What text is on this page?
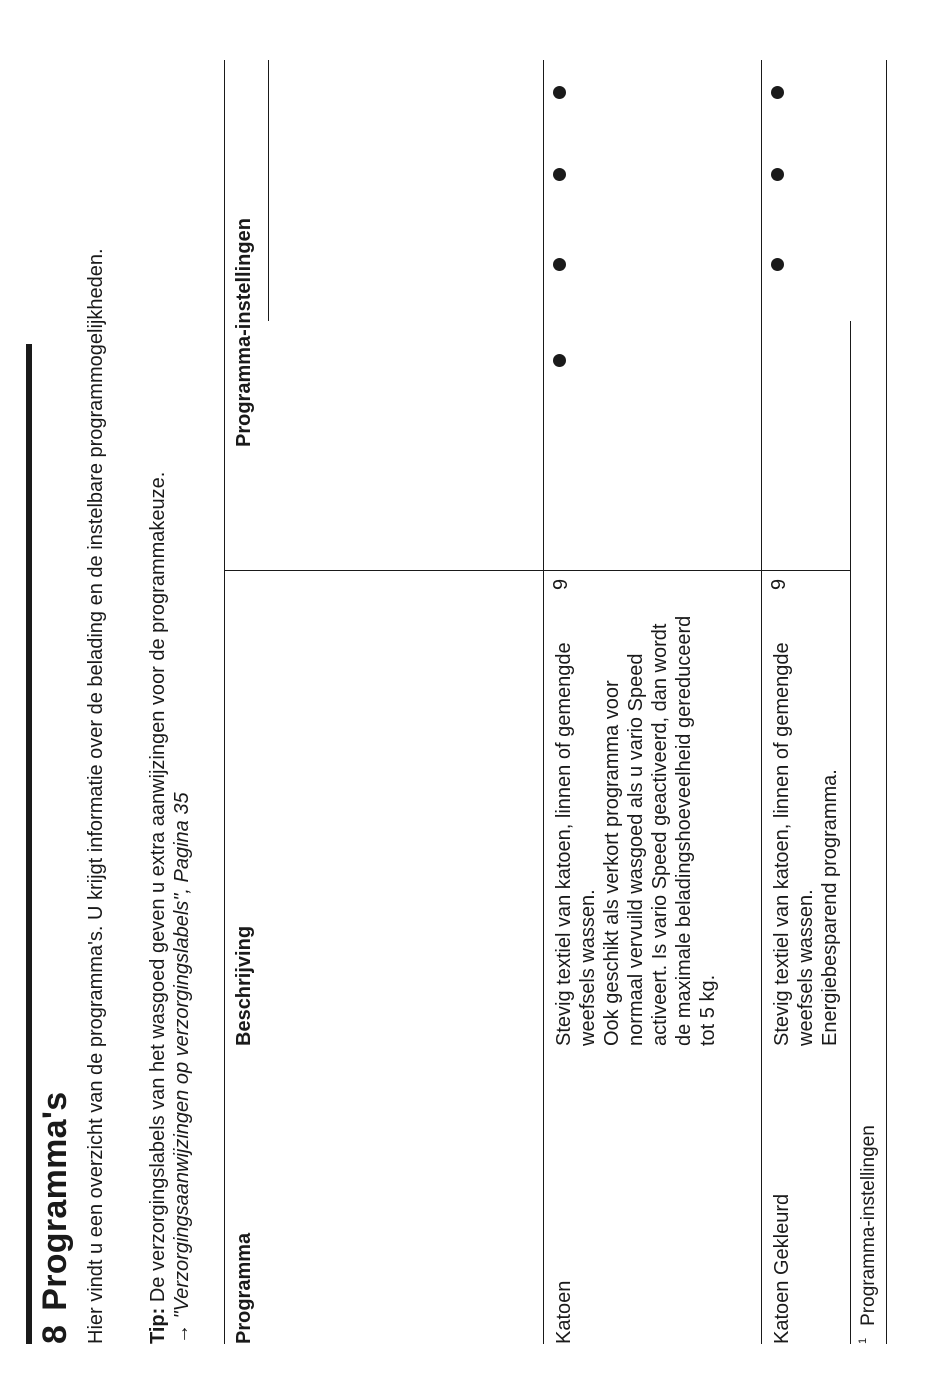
8Programma's Hier vindt u een overzicht van de programma's. U krijgt informatie over de belading en de instelbare programmogelijkheden. Tip: De verzorgingslabels van het wasgoed geven u extra aanwijzingen voor de programmakeuze.
→ "Verzorgingsaanwijzingen op verzorgingslabels", Pagina 35
Programma
Beschrijving
Programma-instellingen
Katoen
Stevig textiel van katoen, linnen of gemengde weefsels wassen.
Ook geschikt als verkort programma voor normaal vervuild wasgoed als u vario Speed activeert. Is vario Speed geactiveerd, dan wordt de maximale beladingshoeveelheid gereduceerd tot 5 kg.
9
Katoen Gekleurd
Stevig textiel van katoen, linnen of gemengde weefsels wassen.
Energiebesparend programma.
9
$^1$Programma-instellingen
